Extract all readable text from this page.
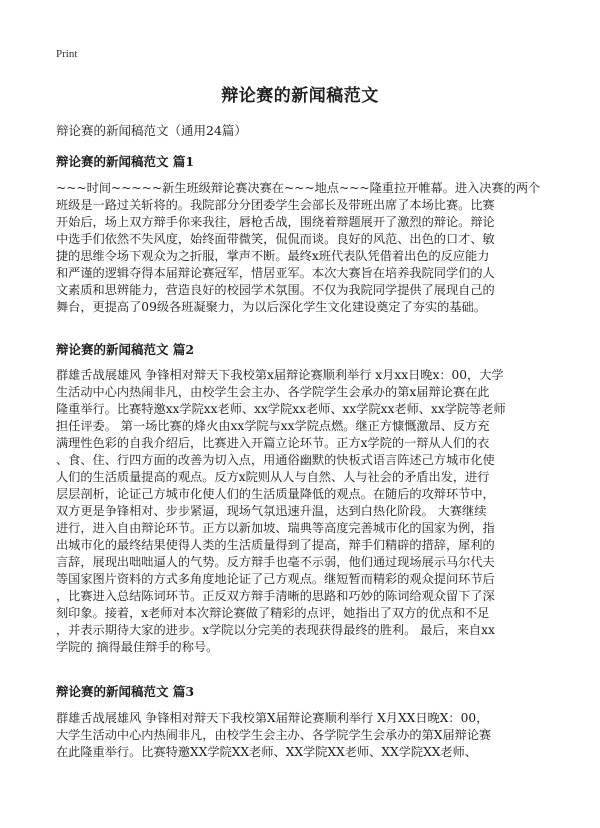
Print
辩论赛的新闻稿范文
辩论赛的新闻稿范文（通用24篇）
辩论赛的新闻稿范文 篇1
~~~时间~~~~~新生班级辩论赛决赛在~~~地点~~~隆重拉开帷幕。进入决赛的两个
班级是一路过关斩将的。我院部分分团委学生会部长及带班出席了本场比赛。比赛
开始后，场上双方辩手你来我往，唇枪舌战，围绕着辩题展开了激烈的辩论。辩论
中选手们依然不失风度，始终面带微笑，侃侃而谈。良好的风范、出色的口才、敏
捷的思维令场下观众为之折服，掌声不断。最终x班代表队凭借着出色的反应能力
和严谨的逻辑夺得本届辩论赛冠军，惜居亚军。本次大赛旨在培养我院同学们的人
文素质和思辨能力，营造良好的校园学术氛围。不仅为我院同学提供了展现自己的
舞台，更提高了09级各班凝聚力，为以后深化学生文化建设奠定了夯实的基础。
辩论赛的新闻稿范文 篇2
群雄舌战展雄风 争锋相对辩天下我校第x届辩论赛顺利举行 x月xx日晚x：00，大学
生活动中心内热闹非凡，由校学生会主办、各学院学生会承办的第x届辩论赛在此
隆重举行。比赛特邀xx学院xx老师、xx学院xx老师、xx学院xx老师、xx学院等老师
担任评委。 第一场比赛的烽火由xx学院与xx学院点燃。继正方慷慨激昂、反方充
满理性色彩的自我介绍后，比赛进入开篇立论环节。正方x学院的一辩从人们的衣
、食、住、行四方面的改善为切入点，用通俗幽默的快板式语言阵述己方城市化使
人们的生活质量提高的观点。反方x院则从人与自然、人与社会的矛盾出发，进行
层层剖析，论证己方城市化使人们的生活质量降低的观点。在随后的攻辩环节中，
双方更是争锋相对、步步紧逼，现场气氛迅速升温，达到白热化阶段。 大赛继续
进行，进入自由辩论环节。正方以新加坡、瑞典等高度完善城市化的国家为例，指
出城市化的最终结果使得人类的生活质量得到了提高，辩手们精辟的措辞，犀利的
言辞，展现出咄咄逼人的气势。反方辩手也毫不示弱，他们通过现场展示马尔代夫
等国家图片资料的方式多角度地论证了己方观点。继短暂而精彩的观众提问环节后
，比赛进入总结陈词环节。正反双方辩手清晰的思路和巧妙的陈词给观众留下了深
刻印象。接着，x老师对本次辩论赛做了精彩的点评，她指出了双方的优点和不足
，并表示期待大家的进步。x学院以分完美的表现获得最终的胜利。 最后，来自xx
学院的 摘得最佳辩手的称号。
辩论赛的新闻稿范文 篇3
群雄舌战展雄风 争锋相对辩天下我校第X届辩论赛顺利举行 X月XX日晚X：00，
大学生活动中心内热闹非凡，由校学生会主办、各学院学生会承办的第X届辩论赛
在此隆重举行。比赛特邀XX学院XX老师、XX学院XX老师、XX学院XX老师、
